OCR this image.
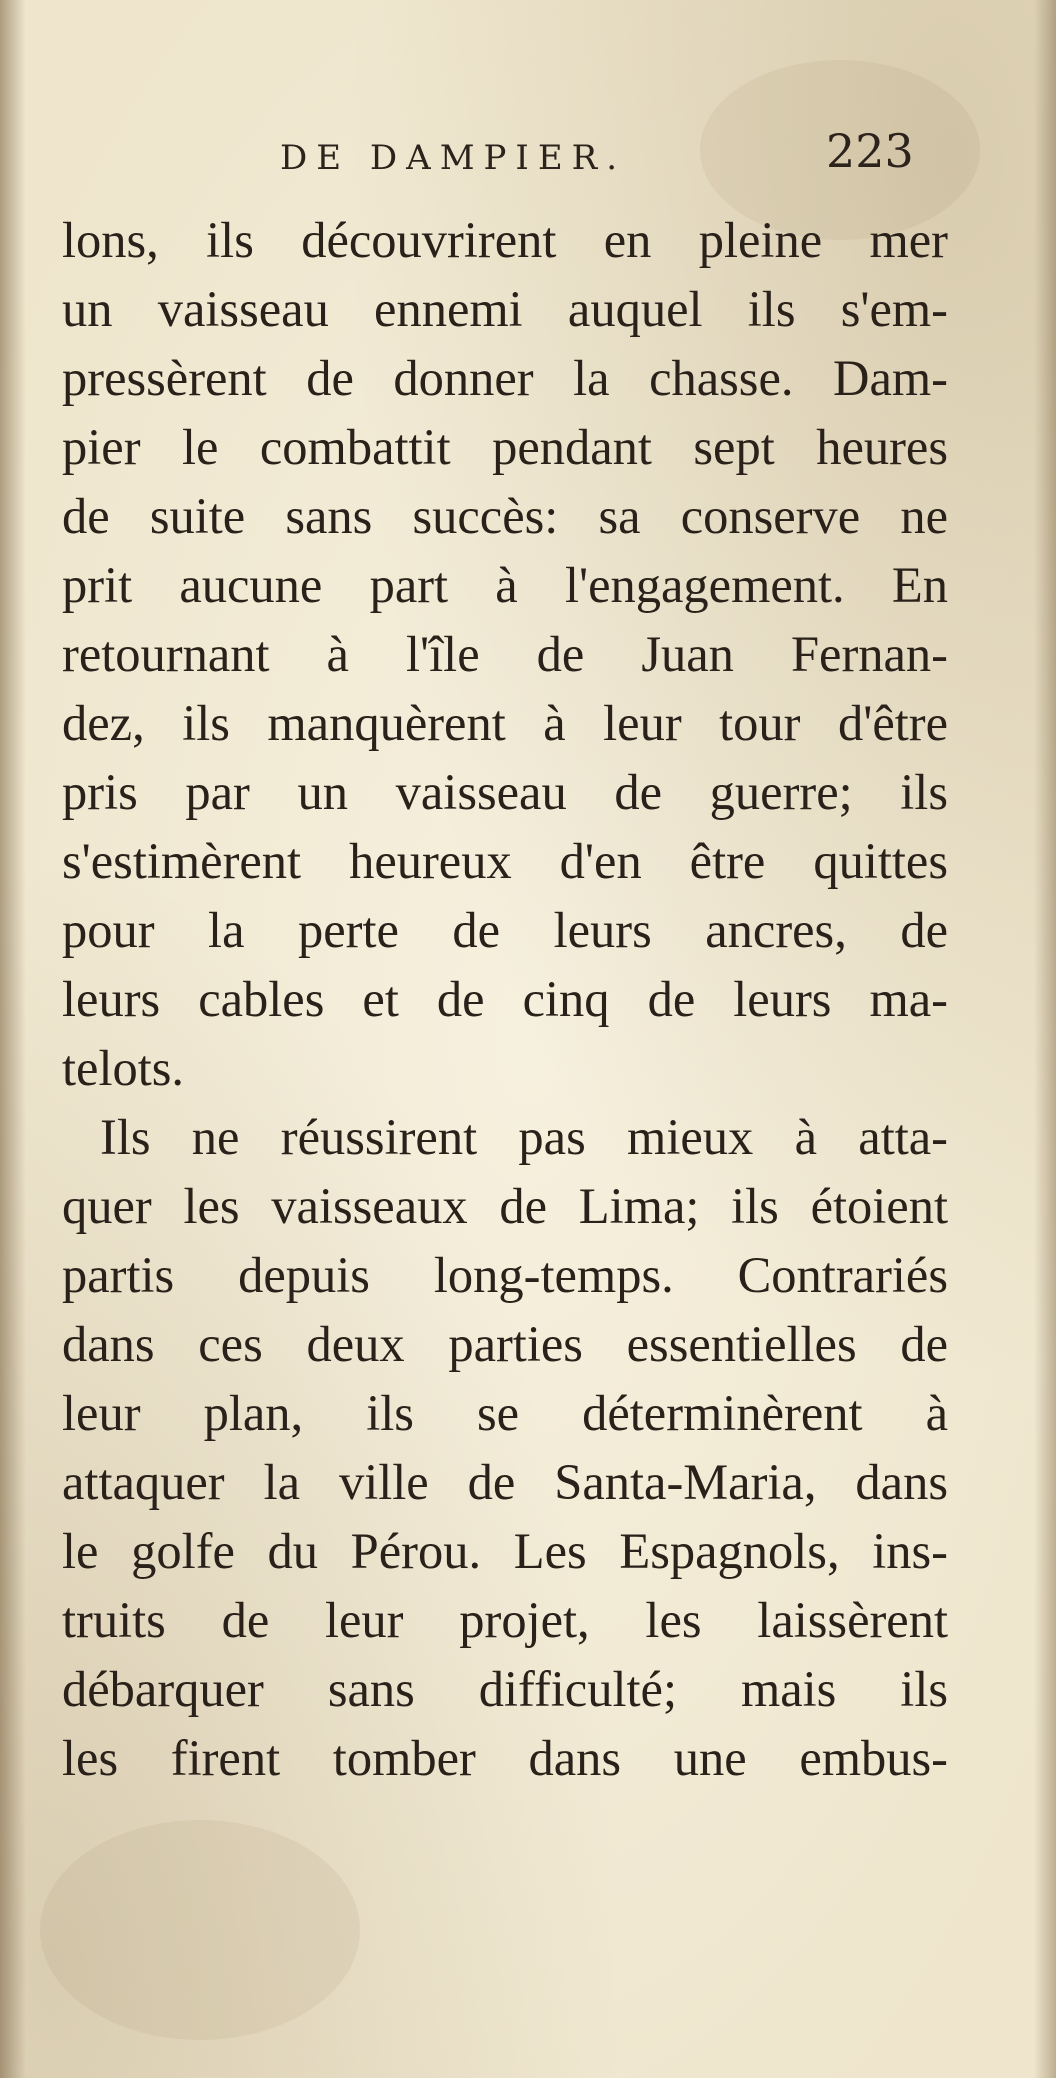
DE DAMPIER.	223
lons, ils découvrirent en pleine mer
un vaisseau ennemi auquel ils s'em-
pressèrent de donner la chasse. Dam-
pier le combattit pendant sept heures
de suite sans succès: sa conserve ne
prit aucune part à l'engagement. En
retournant à l'île de Juan Fernan-
dez, ils manquèrent à leur tour d'être
pris par un vaisseau de guerre; ils
s'estimèrent heureux d'en être quittes
pour la perte de leurs ancres, de
leurs cables et de cinq de leurs ma-
telots.
Ils ne réussirent pas mieux à atta-
quer les vaisseaux de Lima; ils étoient
partis depuis long-temps. Contrariés
dans ces deux parties essentielles de
leur plan, ils se déterminèrent à
attaquer la ville de Santa-Maria, dans
le golfe du Pérou. Les Espagnols, ins-
truits de leur projet, les laissèrent
débarquer sans difficulté; mais ils
les firent tomber dans une embus-
